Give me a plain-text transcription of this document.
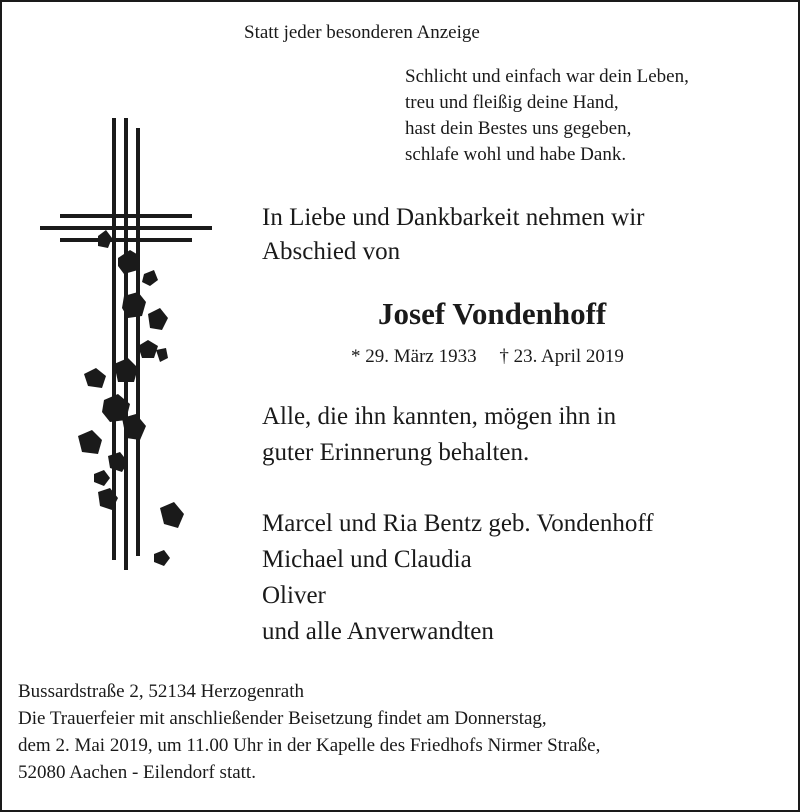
Statt jeder besonderen Anzeige
Schlicht und einfach war dein Leben,
treu und fleißig deine Hand,
hast dein Bestes uns gegeben,
schlafe wohl und habe Dank.
In Liebe und Dankbarkeit nehmen wir
Abschied von
Josef Vondenhoff
* 29. März 1933 † 23. April 2019
Alle, die ihn kannten, mögen ihn in
guter Erinnerung behalten.
Marcel und Ria Bentz geb. Vondenhoff
Michael und Claudia
Oliver
und alle Anverwandten
Bussardstraße 2, 52134 Herzogenrath
Die Trauerfeier mit anschließender Beisetzung findet am Donnerstag,
dem 2. Mai 2019, um 11.00 Uhr in der Kapelle des Friedhofs Nirmer Straße,
52080 Aachen - Eilendorf statt.
